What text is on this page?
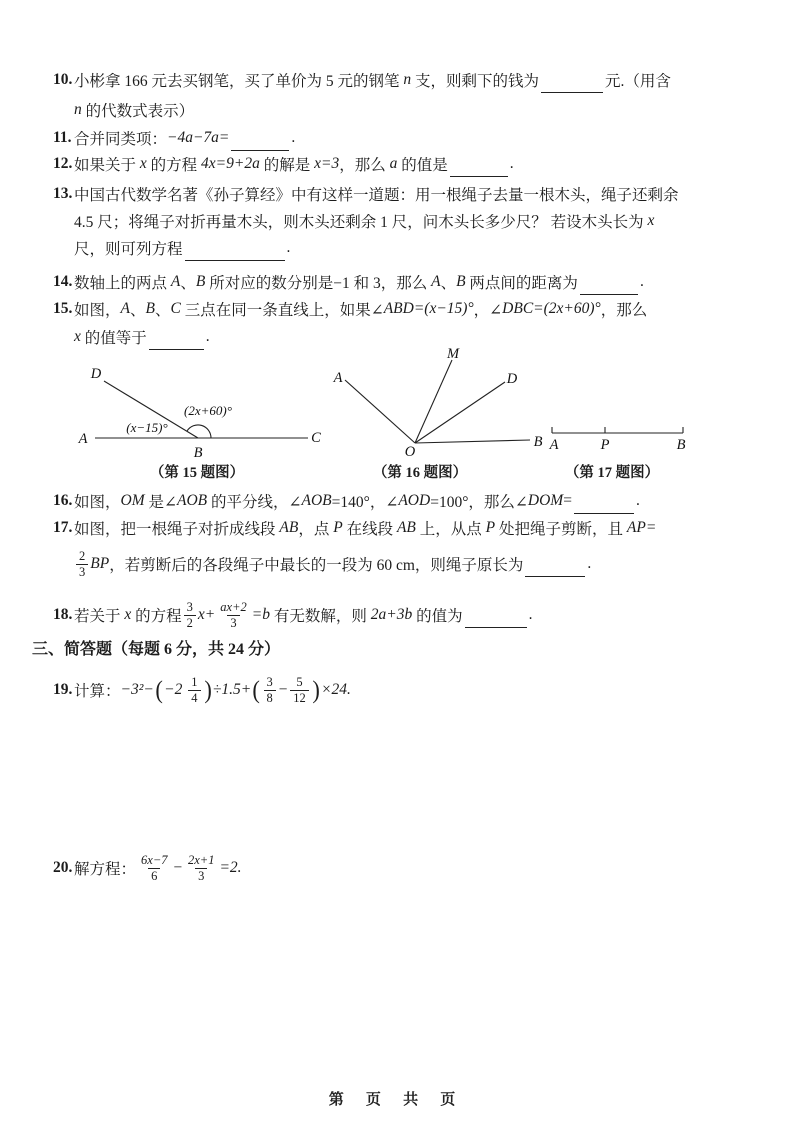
10. 小彬拿 166 元去买钢笔，买了单价为 5 元的钢笔 n 支，则剩下的钱为	元.（用含
n 的代数式表示）
11. 合并同类项： −4a−7a=	.
12. 如果关于 x 的方程 4x=9+2a 的解是 x=3 ，那么 a 的值是	.
13. 中国古代数学名著《孙子算经》中有这样一道题：用一根绳子去量一根木头，绳子还剩余
4.5 尺；将绳子对折再量木头，则木头还剩余 1 尺，问木头长多少尺？ 若设木头长为 x
尺，则可列方程	.
14. 数轴上的两点 A 、 B 所对应的数分别是−1 和 3，那么 A 、 B 两点间的距离为	.
15. 如图， A 、 B 、 C 三点在同一条直线上，如果∠ ABD =(x−15)° ，∠ DBC =(2x+60)° ，那么
x 的值等于	.
A	C
B
D
(x−15)°
(2x+60)°
（第 15 题图）
A
M
D
O
B
（第 16 题图）
A	P	B
（第 17 题图）
16. 如图， OM 是∠ AOB 的平分线，∠ AOB =140°，∠ AOD =100°，那么∠ DOM =	.
17. 如图，把一根绳子对折成线段 AB ，点 P 在线段 AB 上，从点 P 处把绳子剪断，且 AP=
2
3 BP ，若剪断后的各段绳子中最长的一段为 60 cm，则绳子原长为	.
18. 若关于 x 的方程
3
2 x+ ax+2
3 =b 有无数解，则 2a+3b 的值为	.
三、简答题（每题 6 分，共 24 分）
19. 计算： −3²− ( −2 1
4 ) ÷1.5+ ( 3
8 − 5
12 ) ×24.
20. 解方程：
6x−7
6 − 2x+1
3 =2.
第 页 共 页
